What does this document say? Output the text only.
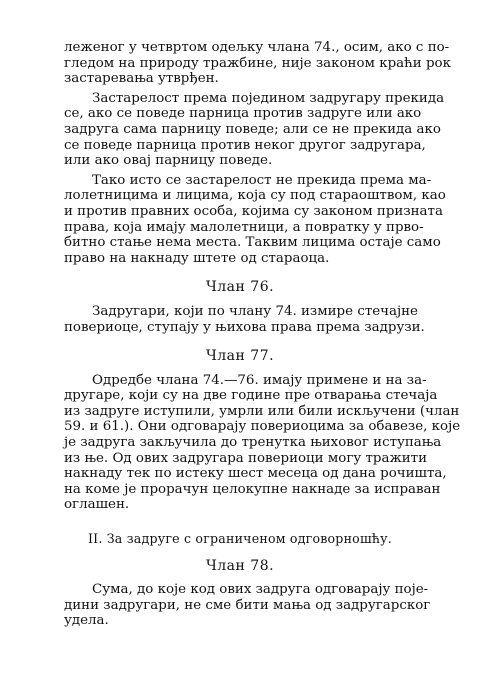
леженог у четвртом одељку члана 74., осим, ако с по-
гледом на природу тражбине, није законом краћи рок
застаревања утврђен.

Застарелост према поједином задругару прекида
се, ако се поведе парница против задруге или ако
задруга сама парницу поведе; али се не прекида ако
се поведе парница против неког другог задругара,
или ако овај парницу поведе.

Тако исто се застарелост не прекида према ма-
лолетницима и лицима, која су под старaоштвом, као
и против правних особа, којима су законом призната
права, која имају малолетници, а повратку у прво-
битно стање нема места. Таквим лицима остаје само
право на накнаду штете од стараоца.

Члан 76.

Задругари, који по члану 74. измире стечајне
повериоце, ступају у њихова права према задрузи.

Члан 77.

Одредбе члана 74.—76. имају примене и на за-
другаре, који су на две године пре отварања стечаја
из задруге иступили, умрли или били искључени (члан
59. и 61.). Они одговарају повериоцима за обавезе, које
је задруга закључила до тренутка њиховог иступања
из ње. Од ових задругара повериоци могу тражити
накнаду тек по истеку шест месеца од дана рочишта,
на коме је прорачун целокупне накнаде за исправан
оглашен.

II. За задруге с ограниченом одговорношћу.

Члан 78.

Сума, до које код ових задруга одговарају поје-
дини задругари, не сме бити мања од задругарског
удела.
